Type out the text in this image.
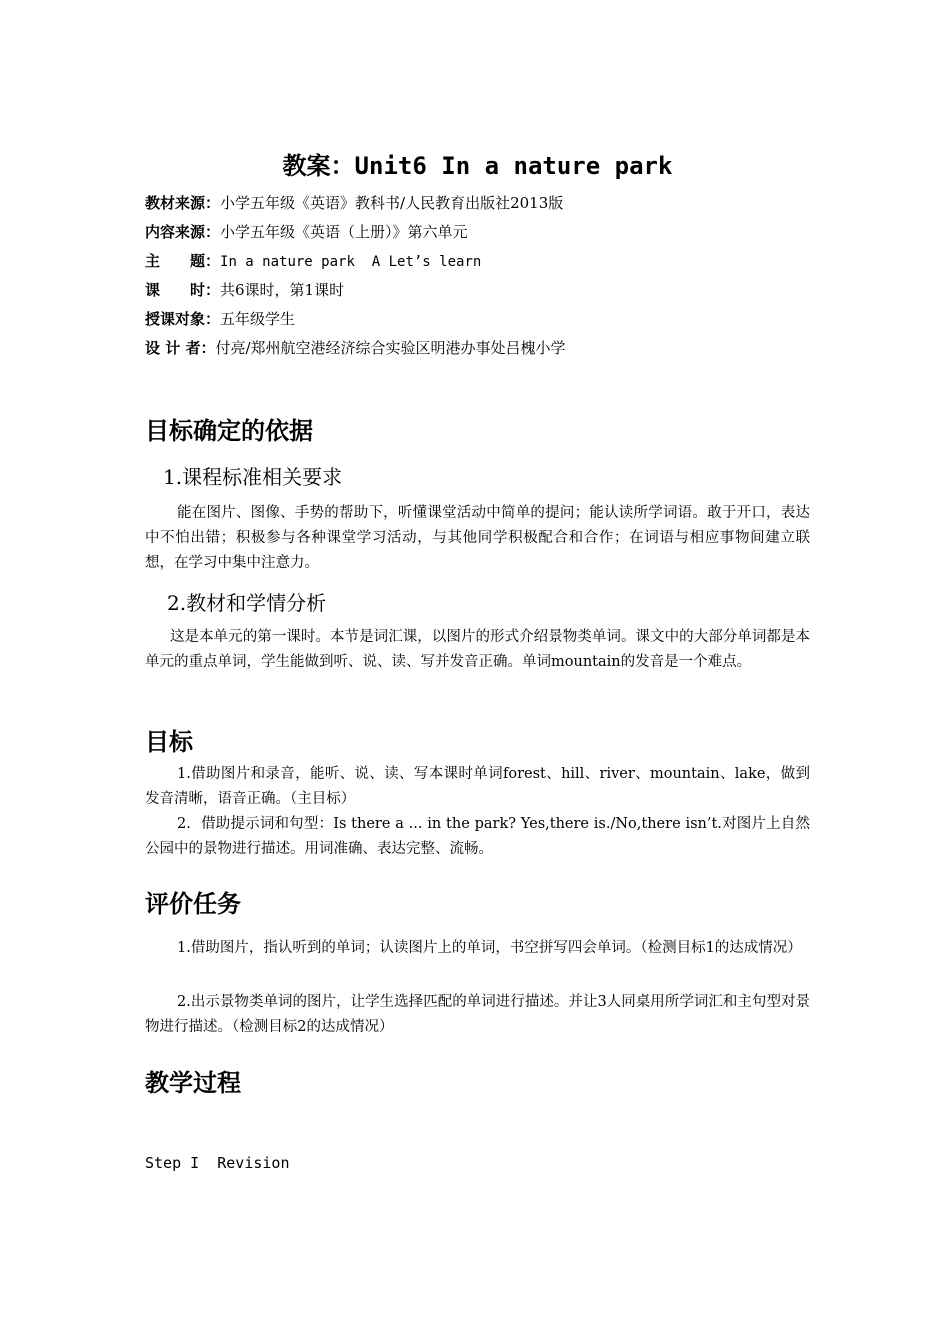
教案：Unit6 In a nature park
教材来源：小学五年级《英语》教科书/人民教育出版社2013版
内容来源：小学五年级《英语（上册）》第六单元
主　　题：In a nature park  A Let’s learn
课　　时：共6课时，第1课时
授课对象：五年级学生
设 计 者：付亮/郑州航空港经济综合实验区明港办事处吕槐小学
目标确定的依据
1.课程标准相关要求

能在图片、图像、手势的帮助下，听懂课堂活动中简单的提问；能认读所学词语。敢于开口，表达中不怕出错；积极参与各种课堂学习活动，与其他同学积极配合和合作；在词语与相应事物间建立联想，在学习中集中注意力。

2.教材和学情分析

这是本单元的第一课时。本节是词汇课，以图片的形式介绍景物类单词。课文中的大部分单词都是本单元的重点单词，学生能做到听、说、读、写并发音正确。单词mountain的发音是一个难点。

目标

1.借助图片和录音，能听、说、读、写本课时单词forest、hill、river、mountain、lake，做到发音清晰，语音正确。（主目标）

2．借助提示词和句型：Is there a ... in the park? Yes,there is./No,there isn’t.对图片上自然公园中的景物进行描述。用词准确、表达完整、流畅。

评价任务

1.借助图片，指认听到的单词；认读图片上的单词，书空拼写四会单词。（检测目标1的达成情况）

2.出示景物类单词的图片，让学生选择匹配的单词进行描述。并让3人同桌用所学词汇和主句型对景物进行描述。（检测目标2的达成情况）

教学过程
Step I  Revision
